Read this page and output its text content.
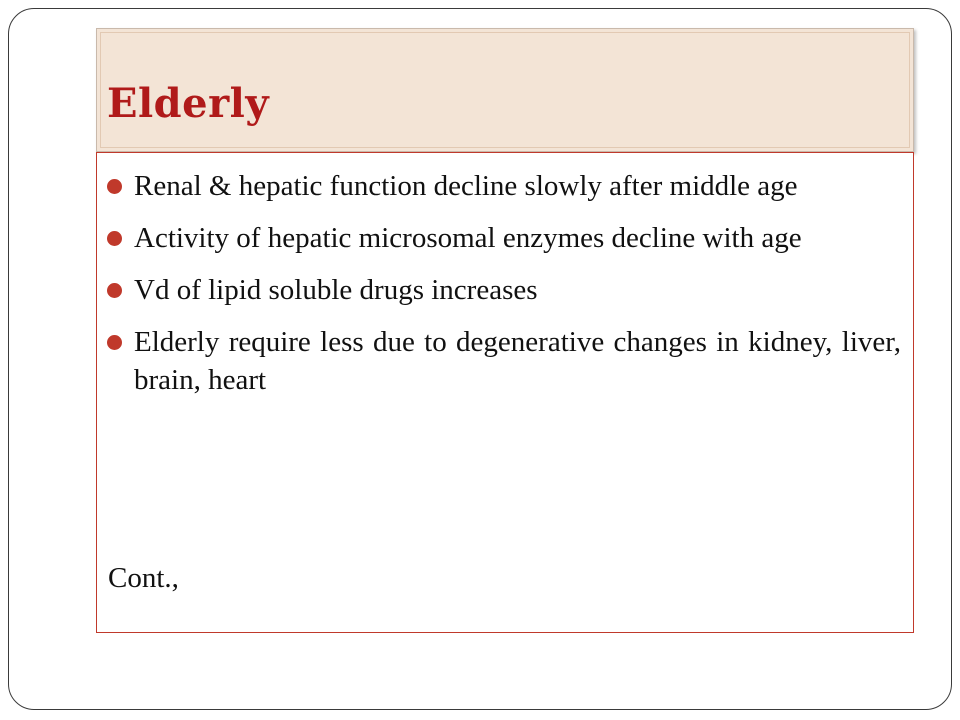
Elderly
Renal & hepatic function decline slowly after middle age
Activity of hepatic microsomal enzymes decline with age
Vd of lipid soluble drugs increases
Elderly require less due to degenerative changes in kidney, liver, brain, heart

Cont.,
